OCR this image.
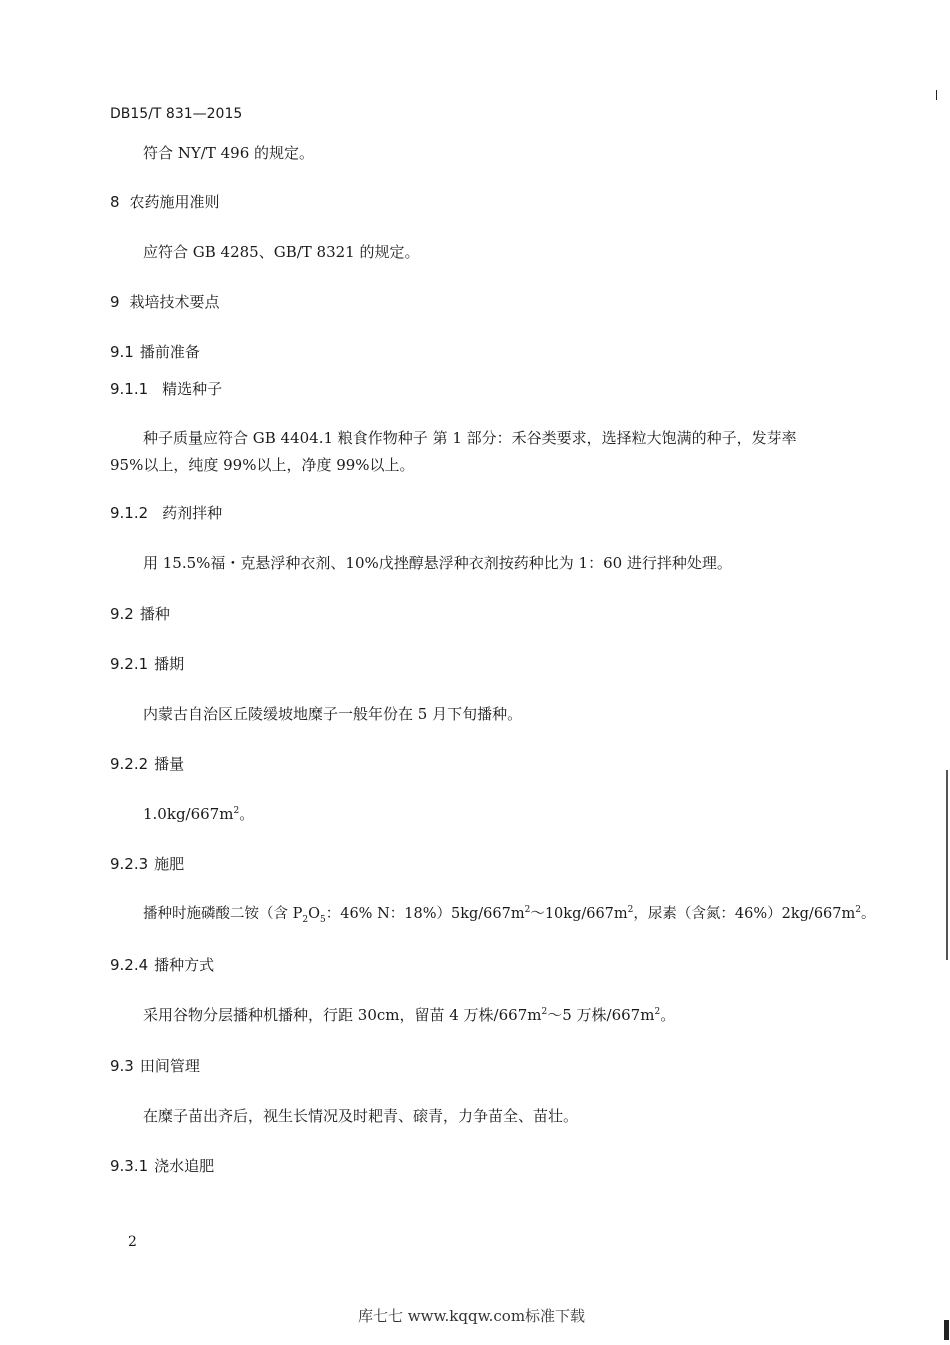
DB15/T 831—2015
符合 NY/T 496 的规定。
8 农药施用准则
应符合 GB 4285、GB/T 8321 的规定。
9 栽培技术要点
9.1 播前准备
9.1.1 精选种子
种子质量应符合 GB 4404.1 粮食作物种子 第 1 部分：禾谷类要求，选择粒大饱满的种子，发芽率
95%以上，纯度 99%以上，净度 99%以上。
9.1.2 药剂拌种
用 15.5%福・克悬浮种衣剂、10%戊挫醇悬浮种衣剂按药种比为 1：60 进行拌种处理。
9.2 播种
9.2.1 播期
内蒙古自治区丘陵缓坡地糜子一般年份在 5 月下旬播种。
9.2.2 播量
$1.0kg/667m^2$。
9.2.3 施肥
播种时施磷酸二铵（含 $P_2O_5$：46% N：$18\%)5kg/667m^2\sim 10kg/667m^2$，尿素（含氮：$46\%)2kg/667m^2$。
9.2.4 播种方式
采用谷物分层播种机播种，行距 30cm，留苗 4 万株$/667m^2\sim 5$ 万株$/667m^2$。
9.3 田间管理
在糜子苗出齐后，视生长情况及时耙青、磙青，力争苗全、苗壮。
9.3.1 浇水追肥
2
库七七 www.kqqw.com标准下载
